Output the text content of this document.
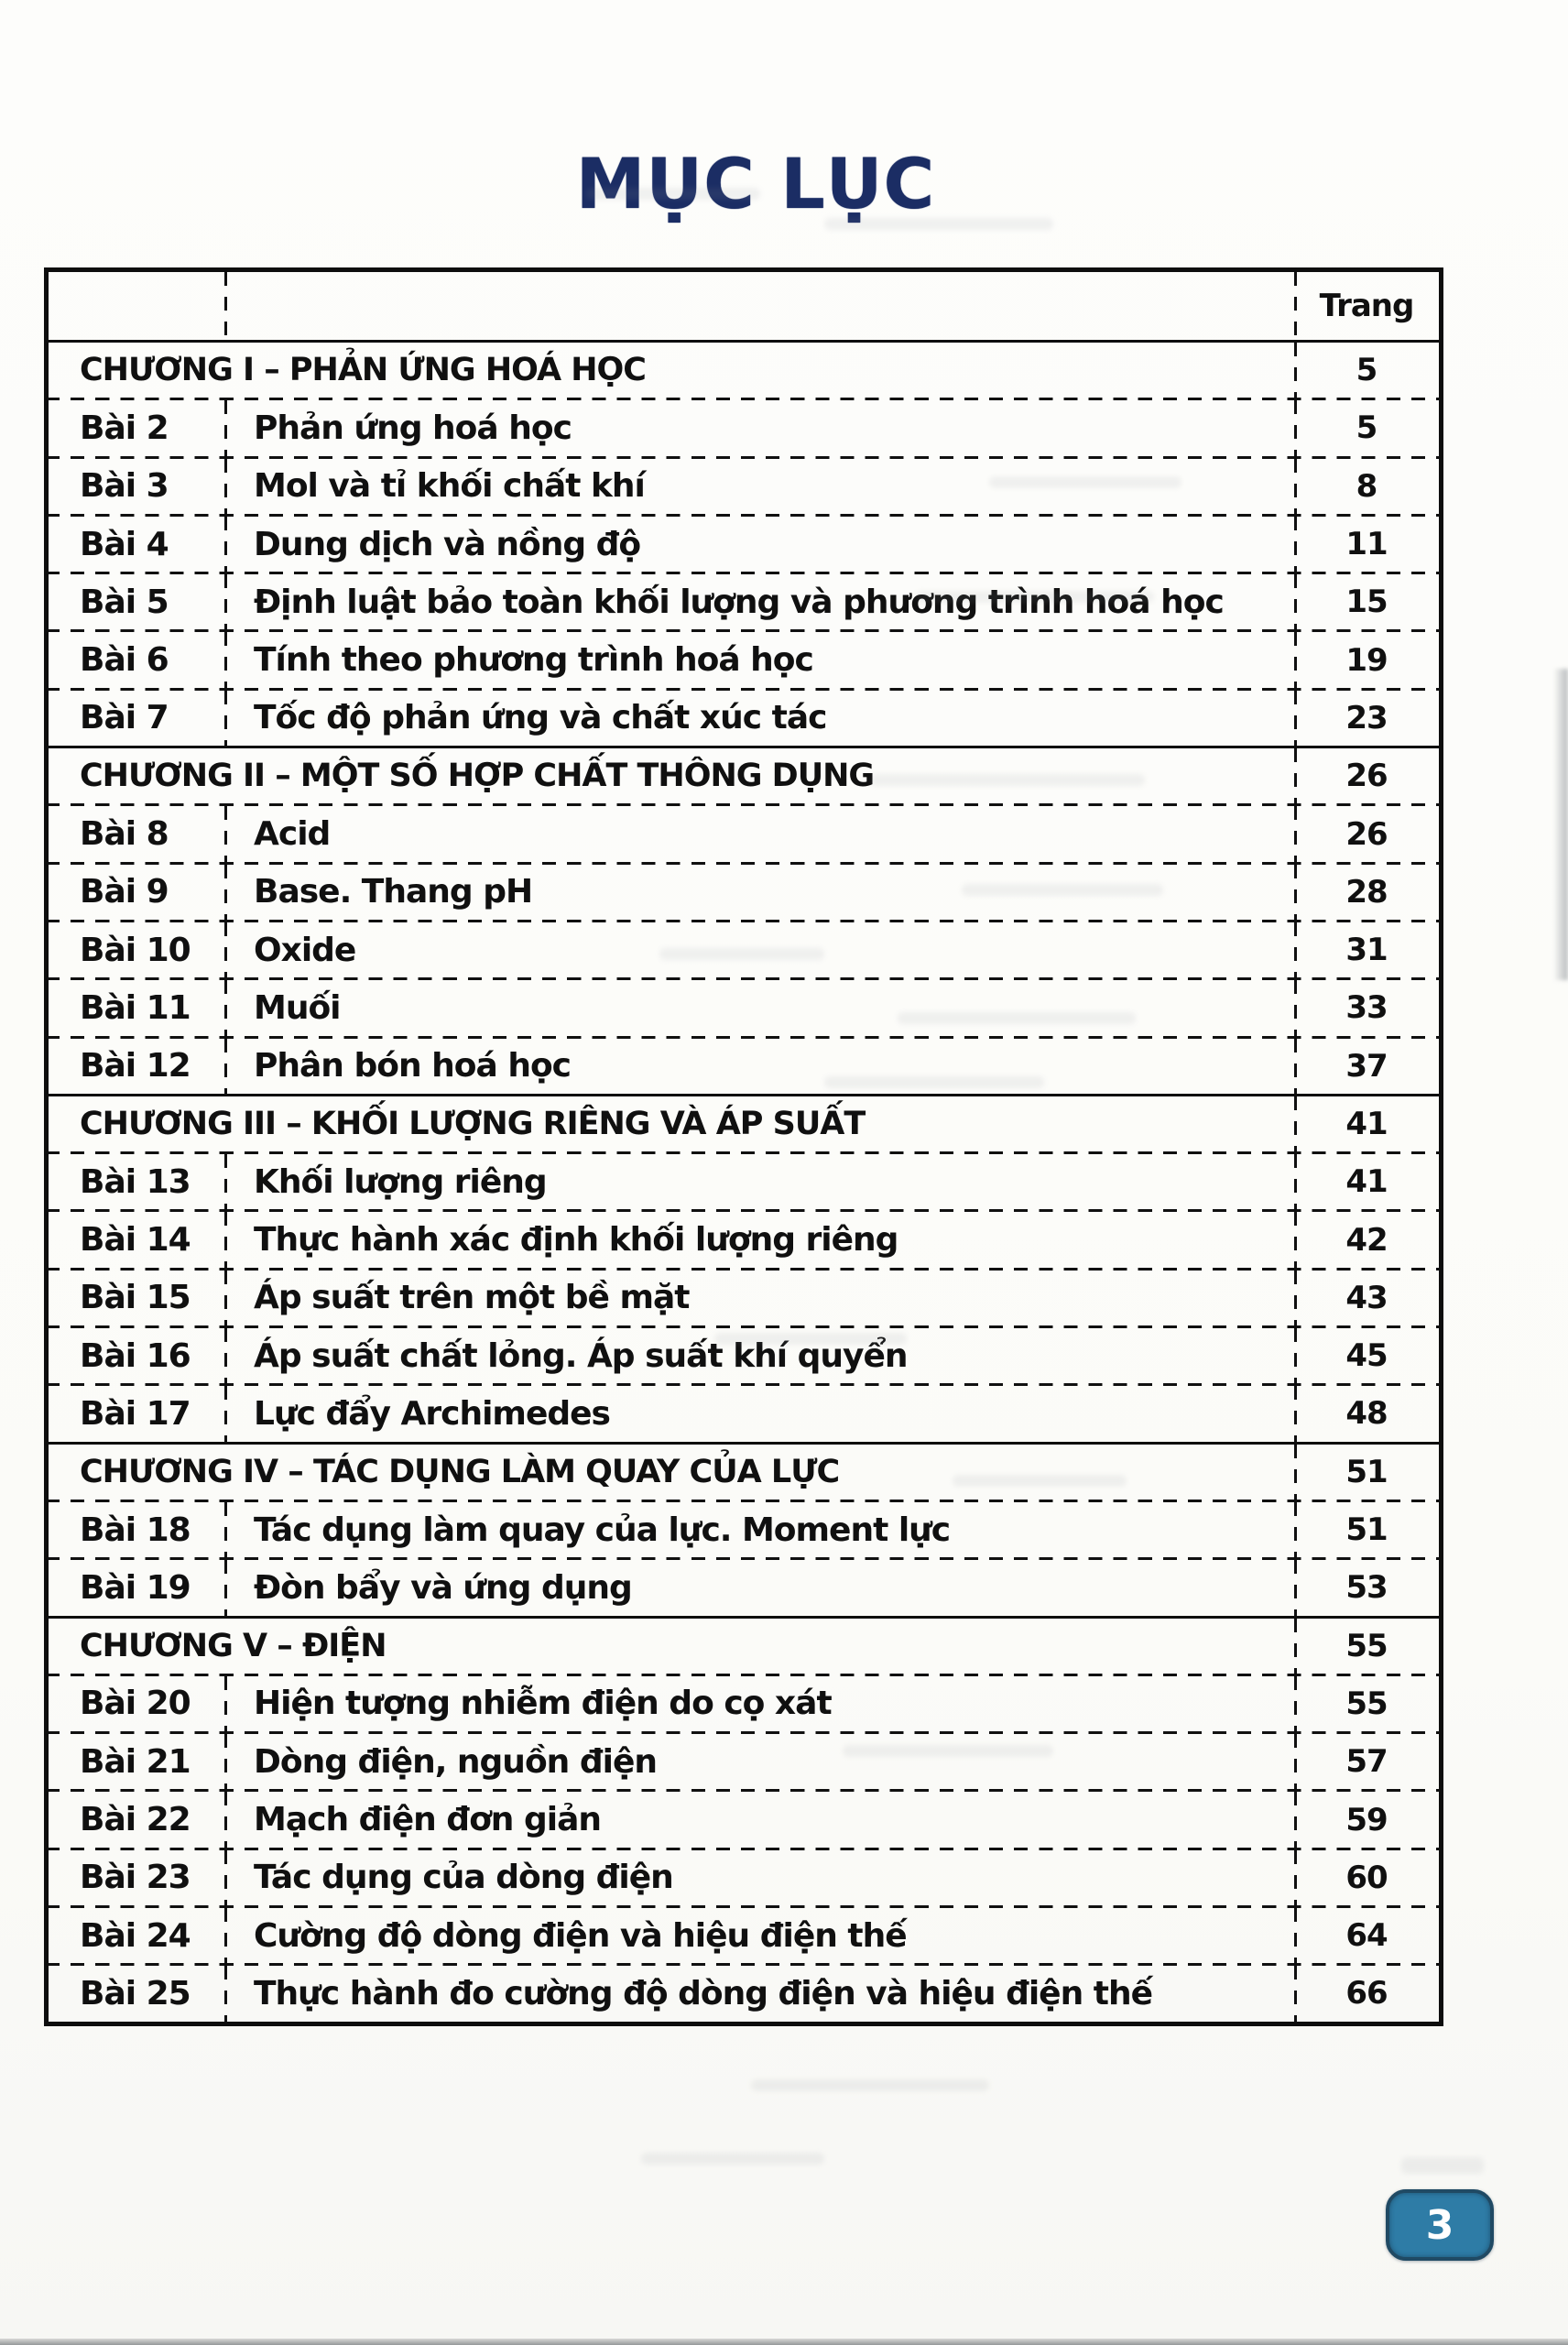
MỤC LỤC
Trang
CHƯƠNG I – PHẢN ỨNG HOÁ HỌC	5
Bài 2	Phản ứng hoá học	5
Bài 3	Mol và tỉ khối chất khí	8
Bài 4	Dung dịch và nồng độ	11
Bài 5	Định luật bảo toàn khối lượng và phương trình hoá học	15
Bài 6	Tính theo phương trình hoá học	19
Bài 7	Tốc độ phản ứng và chất xúc tác	23
CHƯƠNG II – MỘT SỐ HỢP CHẤT THÔNG DỤNG	26
Bài 8	Acid	26
Bài 9	Base. Thang pH	28
Bài 10	Oxide	31
Bài 11	Muối	33
Bài 12	Phân bón hoá học	37
CHƯƠNG III – KHỐI LƯỢNG RIÊNG VÀ ÁP SUẤT	41
Bài 13	Khối lượng riêng	41
Bài 14	Thực hành xác định khối lượng riêng	42
Bài 15	Áp suất trên một bề mặt	43
Bài 16	Áp suất chất lỏng. Áp suất khí quyển	45
Bài 17	Lực đẩy Archimedes	48
CHƯƠNG IV – TÁC DỤNG LÀM QUAY CỦA LỰC	51
Bài 18	Tác dụng làm quay của lực. Moment lực	51
Bài 19	Đòn bẩy và ứng dụng	53
CHƯƠNG V – ĐIỆN	55
Bài 20	Hiện tượng nhiễm điện do cọ xát	55
Bài 21	Dòng điện, nguồn điện	57
Bài 22	Mạch điện đơn giản	59
Bài 23	Tác dụng của dòng điện	60
Bài 24	Cường độ dòng điện và hiệu điện thế	64
Bài 25	Thực hành đo cường độ dòng điện và hiệu điện thế	66
3
